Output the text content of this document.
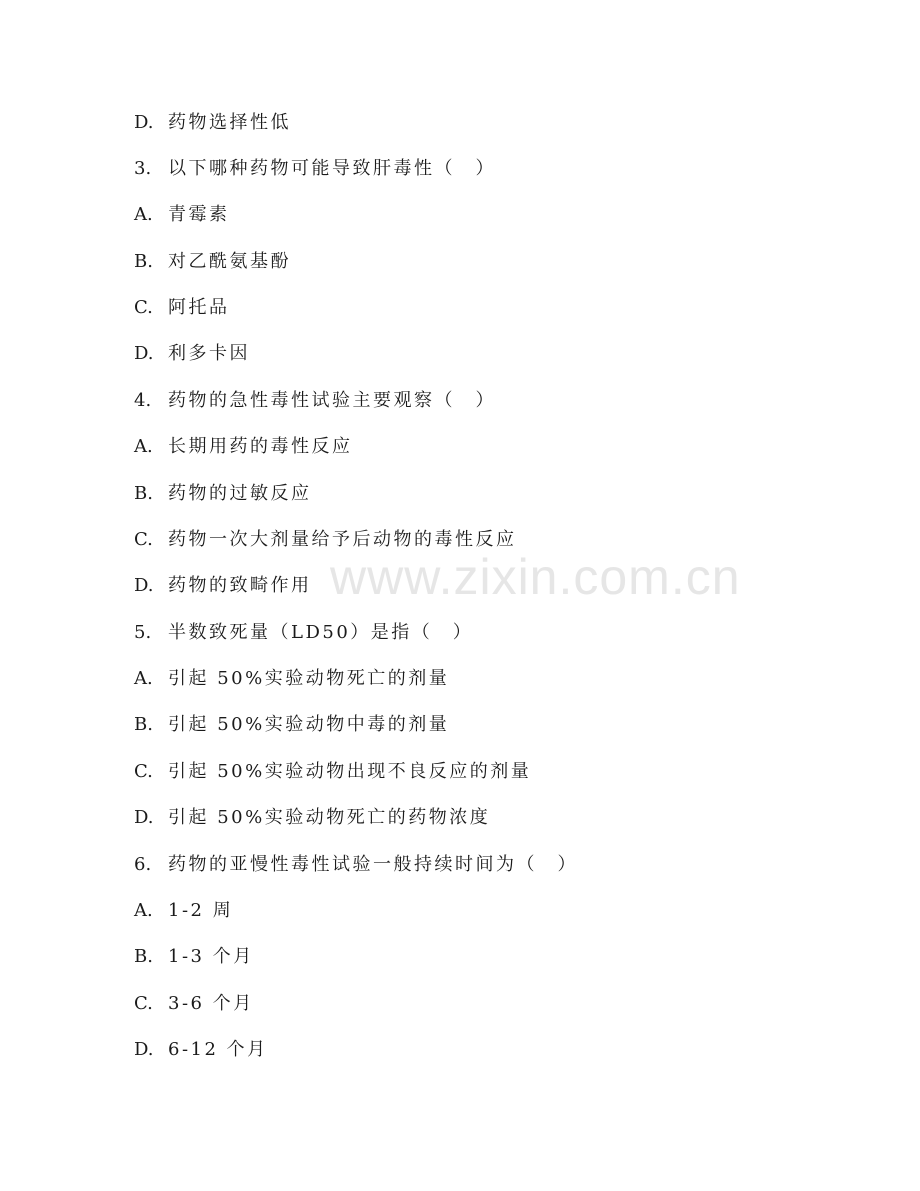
www.zixin.com.cn
D. 药物选择性低
3. 以下哪种药物可能导致肝毒性（　）
A. 青霉素
B. 对乙酰氨基酚
C. 阿托品
D. 利多卡因
4. 药物的急性毒性试验主要观察（　）
A. 长期用药的毒性反应
B. 药物的过敏反应
C. 药物一次大剂量给予后动物的毒性反应
D. 药物的致畸作用
5. 半数致死量（LD50）是指（　）
A. 引起 50%实验动物死亡的剂量
B. 引起 50%实验动物中毒的剂量
C. 引起 50%实验动物出现不良反应的剂量
D. 引起 50%实验动物死亡的药物浓度
6. 药物的亚慢性毒性试验一般持续时间为（　）
A. 1-2 周
B. 1-3 个月
C. 3-6 个月
D. 6-12 个月
